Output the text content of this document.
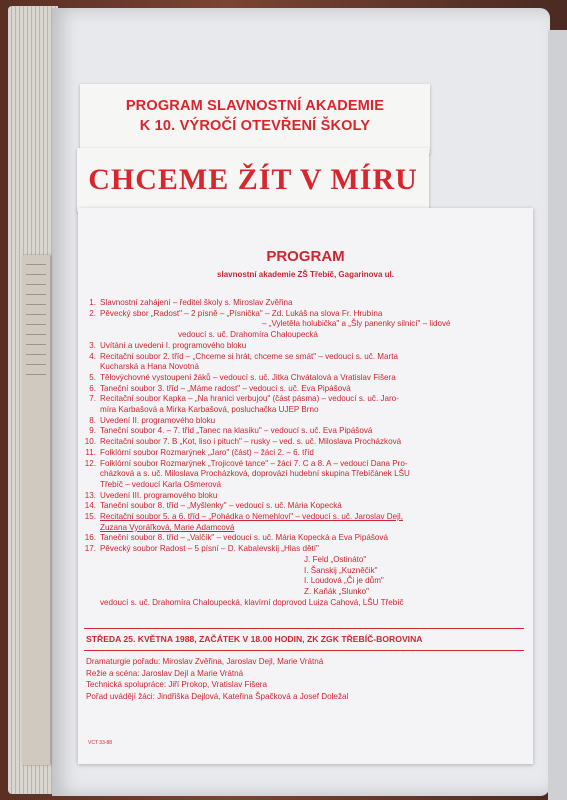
PROGRAM SLAVNOSTNÍ AKADEMIE
K 10. VÝROČÍ OTEVŘENÍ ŠKOLY
CHCEME ŽÍT V MÍRU
PROGRAM
slavnostní akademie ZŠ Třebíč, Gagarinova ul.
1. Slavnostní zahájení – ředitel školy s. Miroslav Zvěřina
2. Pěvecký sbor „Radost" – 2 písně – „Písnička" – Zd. Lukáš na slova Fr. Hrubína
– „Vyletěla holubička" a „Šly panenky silnicí" – lidové
vedoucí s. uč. Drahomíra Chaloupecká
3. Uvítání a uvedení I. programového bloku
4. Recitační soubor 2. tříd – „Chceme si hrát, chceme se smát" – vedoucí s. uč. Marta
Kucharská a Hana Novotná
5. Tělovýchovné vystoupení žáků – vedoucí s. uč. Jitka Chvátalová a Vratislav Fišera
6. Taneční soubor 3. tříd – „Máme radost" – vedoucí s. uč. Eva Pipášová
7. Recitační soubor Kapka – „Na hranici verbujou" (část pásma) – vedoucí s. uč. Jaro-
míra Karbašová a Mirka Karbašová, posluchačka UJEP Brno
8. Uvedení II. programového bloku
9. Taneční soubor 4. – 7. tříd „Tanec na klasiku" – vedoucí s. uč. Eva Pipášová
10. Recitační soubor 7. B „Kot, liso i pituch" – rusky – ved. s. uč. Miloslava Procházková
11. Folklórní soubor Rozmarýnek „Jaro" (část) – žáci 2. – 6. tříd
12. Folklórní soubor Rozmarýnek „Trojicové tance" – žáci 7. C a 8. A – vedoucí Dana Pro-
cházková a s. uč. Miloslava Procházková, doprovází hudební skupina Třebíčánek LŠU
Třebíč – vedoucí Karla Ošmerová
13. Uvedení III. programového bloku
14. Taneční soubor 8. tříd – „Myšlenky" – vedoucí s. uč. Mária Kopecká
15. Recitační soubor 5. a 6. tříd – „Pohádka o Nemehlovi" – vedoucí s. uč. Jaroslav Dejl,
Zuzana Vyoráľková, Marie Adamcová
16. Taneční soubor 8. tříd – „Valčík" – vedoucí s. uč. Mária Kopecká a Eva Pipášová
17. Pěvecký soubor Radost – 5 písní – D. Kabalevskij „Hlas dětí"
J. Feld „Ostináto"
I. Šanskij „Kuzněčik"
I. Loudová „Či je dům"
Z. Kaňák „Slunko"
vedoucí s. uč. Drahomíra Chaloupecká, klavírní doprovod Luiza Cahová, LŠU Třebíč
STŘEDA 25. KVĚTNA 1988, ZAČÁTEK V 18.00 HODIN, ZK ZGK TŘEBÍČ-BOROVINA
Dramaturgie pořadu: Miroslav Zvěřina, Jaroslav Dejl, Marie Vrátná
Režie a scéna: Jaroslav Dejl a Marie Vrátná
Technická spolupráce: Jiří Prokop, Vratislav Fišera
Pořad uvádějí žáci: Jindřiška Dejlová, Kateřina Špačková a Josef Doležal
VCT 33-88
